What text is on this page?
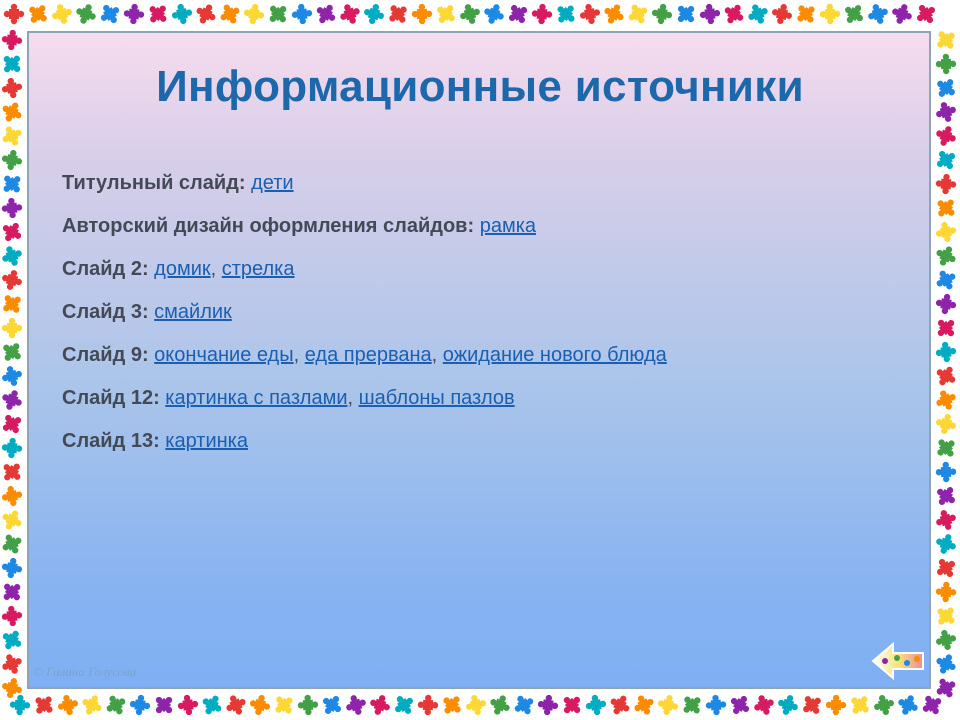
Информационные источники
Титульный слайд: дети
Авторский дизайн оформления слайдов: рамка
Слайд 2: домик, стрелка
Слайд 3: смайлик
Слайд 9: окончание еды, еда прервана, ожидание нового блюда
Слайд 12: картинка с пазлами, шаблоны пазлов
Слайд 13: картинка
© Галина Голусова
